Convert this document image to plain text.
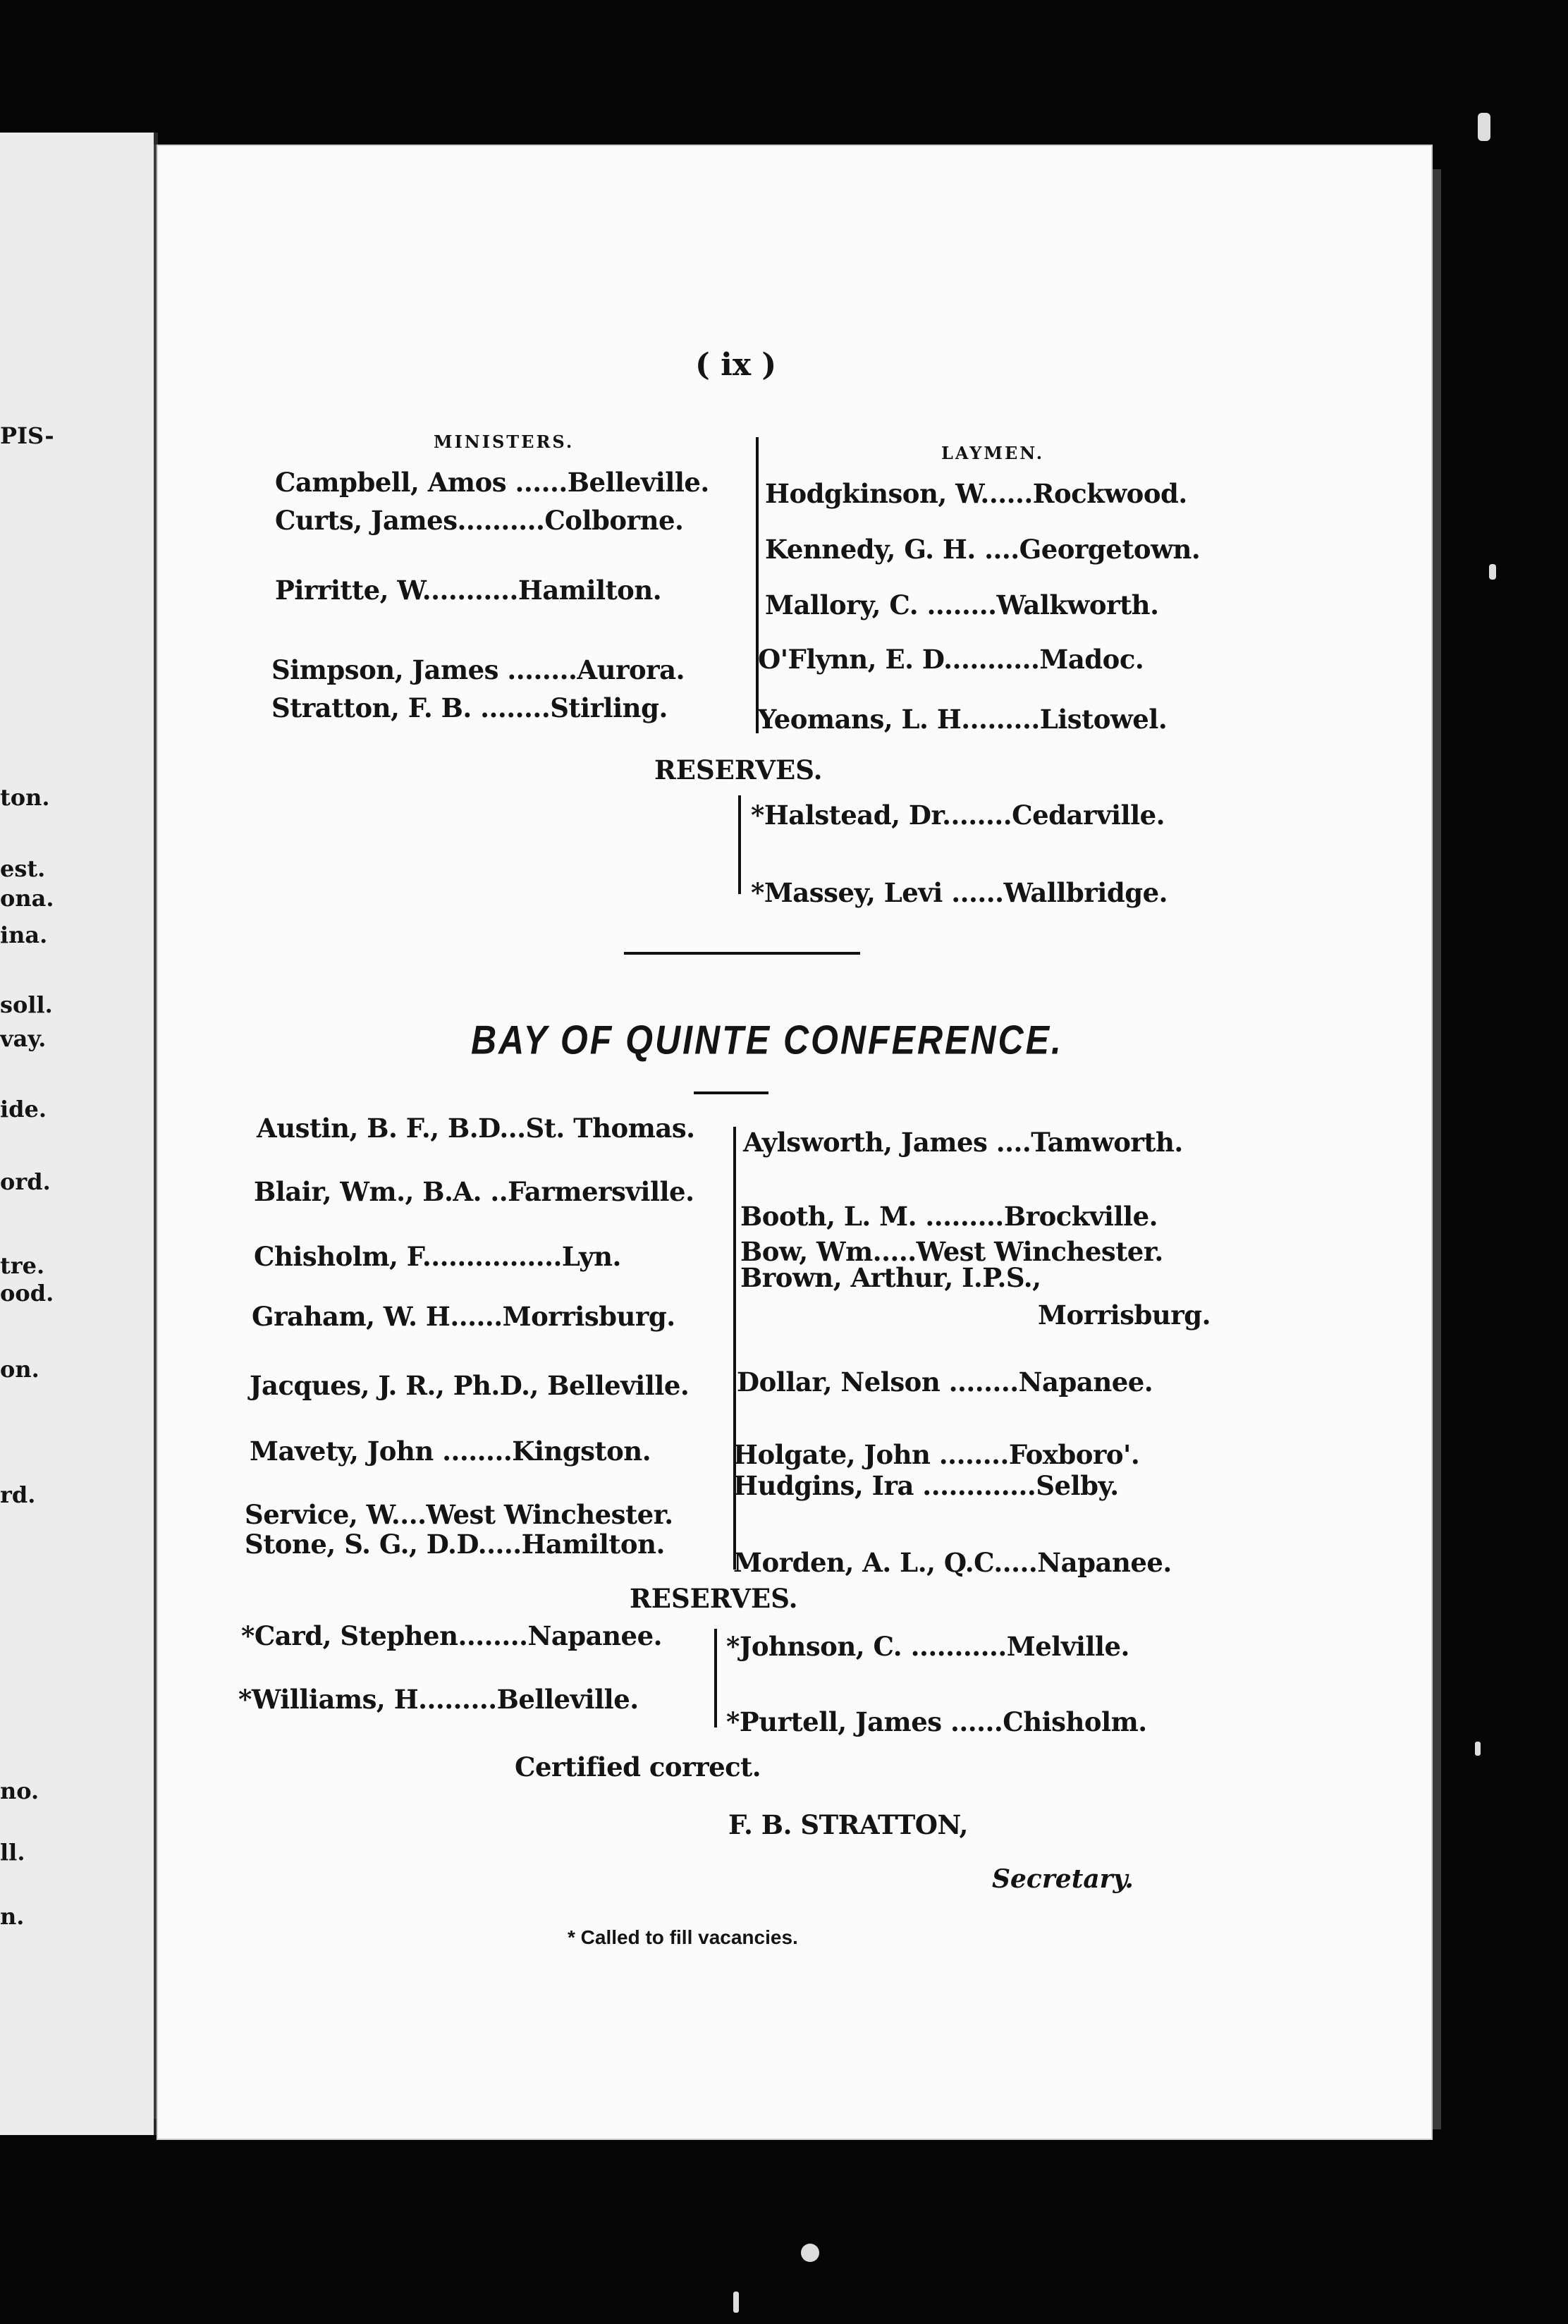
PIS-
ton.
est.
ona.
ina.
soll.
vay.
ide.
ord.
tre.
ood.
on.
rd.
no.
ll.
n.
( ix )
MINISTERS.
LAYMEN.
Campbell, Amos ......Belleville.
Curts, James..........Colborne.
Pirritte, W...........Hamilton.
Simpson, James ........Aurora.
Stratton, F. B. ........Stirling.
Hodgkinson, W......Rockwood.
Kennedy, G. H. ....Georgetown.
Mallory, C. ........Walkworth.
O'Flynn, E. D...........Madoc.
Yeomans, L. H.........Listowel.
RESERVES.
*Halstead, Dr........Cedarville.
*Massey, Levi ......Wallbridge.
BAY OF QUINTE CONFERENCE.
Austin, B. F., B.D...St. Thomas.
Blair, Wm., B.A. ..Farmersville.
Chisholm, F................Lyn.
Graham, W. H......Morrisburg.
Jacques, J. R., Ph.D., Belleville.
Mavety, John ........Kingston.
Service, W....West Winchester.
Stone, S. G., D.D.....Hamilton.
Aylsworth, James ....Tamworth.
Booth, L. M. .........Brockville.
Bow, Wm.....West Winchester.
Brown, Arthur, I.P.S.,
Morrisburg.
Dollar, Nelson ........Napanee.
Holgate, John ........Foxboro'.
Hudgins, Ira .............Selby.
Morden, A. L., Q.C.....Napanee.
RESERVES.
*Card, Stephen........Napanee.
*Williams, H.........Belleville.
*Johnson, C. ...........Melville.
*Purtell, James ......Chisholm.
Certified correct.
F. B. STRATTON,
Secretary.
* Called to fill vacancies.
